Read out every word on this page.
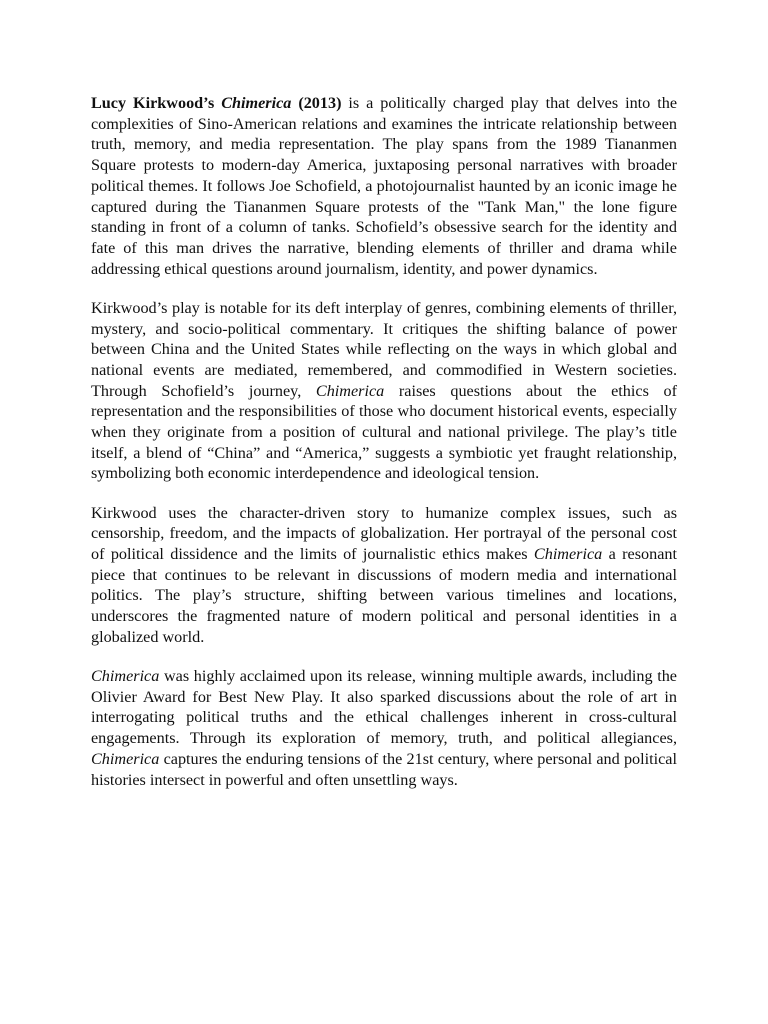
Lucy Kirkwood’s Chimerica (2013) is a politically charged play that delves into the complexities of Sino-American relations and examines the intricate relationship between truth, memory, and media representation. The play spans from the 1989 Tiananmen Square protests to modern-day America, juxtaposing personal narratives with broader political themes. It follows Joe Schofield, a photojournalist haunted by an iconic image he captured during the Tiananmen Square protests of the "Tank Man," the lone figure standing in front of a column of tanks. Schofield’s obsessive search for the identity and fate of this man drives the narrative, blending elements of thriller and drama while addressing ethical questions around journalism, identity, and power dynamics.

Kirkwood’s play is notable for its deft interplay of genres, combining elements of thriller, mystery, and socio-political commentary. It critiques the shifting balance of power between China and the United States while reflecting on the ways in which global and national events are mediated, remembered, and commodified in Western societies. Through Schofield’s journey, Chimerica raises questions about the ethics of representation and the responsibilities of those who document historical events, especially when they originate from a position of cultural and national privilege. The play’s title itself, a blend of “China” and “America,” suggests a symbiotic yet fraught relationship, symbolizing both economic interdependence and ideological tension.

Kirkwood uses the character-driven story to humanize complex issues, such as censorship, freedom, and the impacts of globalization. Her portrayal of the personal cost of political dissidence and the limits of journalistic ethics makes Chimerica a resonant piece that continues to be relevant in discussions of modern media and international politics. The play’s structure, shifting between various timelines and locations, underscores the fragmented nature of modern political and personal identities in a globalized world.

Chimerica was highly acclaimed upon its release, winning multiple awards, including the Olivier Award for Best New Play. It also sparked discussions about the role of art in interrogating political truths and the ethical challenges inherent in cross-cultural engagements. Through its exploration of memory, truth, and political allegiances, Chimerica captures the enduring tensions of the 21st century, where personal and political histories intersect in powerful and often unsettling ways.
